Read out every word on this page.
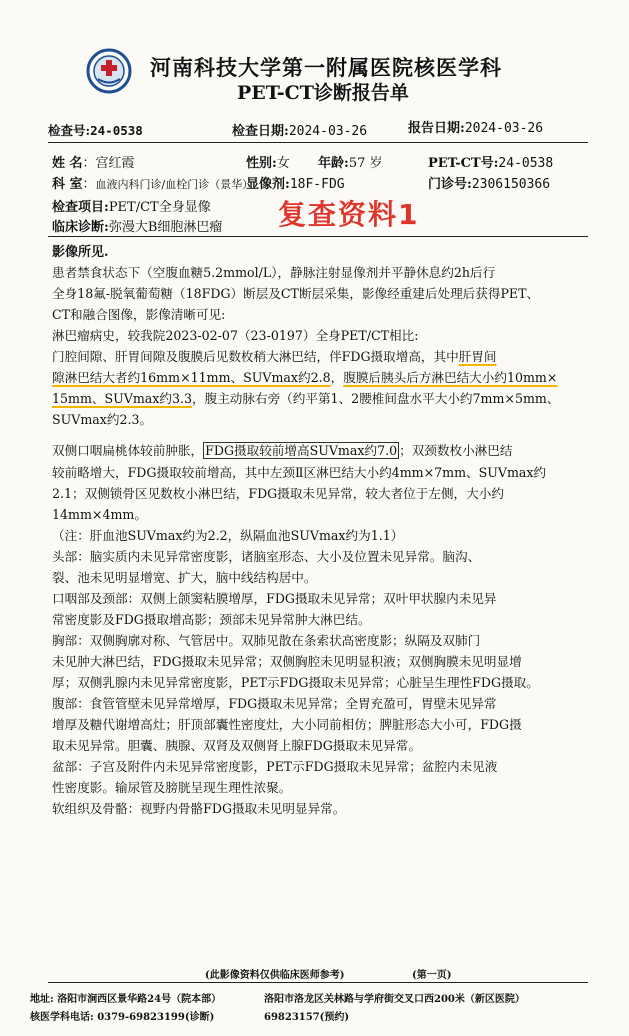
河南科技大学第一附属医院核医学科
PET-CT诊断报告单
检查号:24-0538	检查日期:2024-03-26	报告日期:2024-03-26
姓 名：宫红霞	性别:女 年龄:57 岁	PET-CT号:24-0538
科 室：血液内科门诊/血栓门诊（景华）
显像剂:18F-FDG	门诊号:2306150366
检查项目:PET/CT全身显像
临床诊断:弥漫大B细胞淋巴瘤 复查资料1
影像所见.
患者禁食状态下（空腹血糖5.2mmol/L），静脉注射显像剂并平静休息约2h后行
全身18氟-脱氧葡萄糖（18FDG）断层及CT断层采集，影像经重建后处理后获得PET、
CT和融合图像，影像清晰可见:
淋巴瘤病史，较我院2023-02-07（23-0197）全身PET/CT相比:
门腔间隙、肝胃间隙及腹膜后见数枚稍大淋巴结，伴FDG摄取增高，其中肝胃间
隙淋巴结大者约16mm×11mm、SUVmax约2.8，腹膜后胰头后方淋巴结大小约10mm×
15mm、SUVmax约3.3，腹主动脉右旁（约平第1、2腰椎间盘水平大小约7mm×5mm、
SUVmax约2.3。
双侧口咽扁桃体较前肿胀， FDG摄取较前增高SUVmax约7.0 ；双颈数枚小淋巴结
较前略增大，FDG摄取较前增高，其中左颈Ⅱ区淋巴结大小约4mm×7mm、SUVmax约
2.1；双侧锁骨区见数枚小淋巴结，FDG摄取未见异常，较大者位于左侧，大小约
14mm×4mm。
（注：肝血池SUVmax约为2.2，纵隔血池SUVmax约为1.1）
头部：脑实质内未见异常密度影，诸脑室形态、大小及位置未见异常。脑沟、
裂、池未见明显增宽、扩大，脑中线结构居中。
口咽部及颈部：双侧上颌窦粘膜增厚，FDG摄取未见异常；双叶甲状腺内未见异
常密度影及FDG摄取增高影；颈部未见异常肿大淋巴结。
胸部：双侧胸廓对称、气管居中。双肺见散在条索状高密度影；纵隔及双肺门
未见肿大淋巴结，FDG摄取未见异常；双侧胸腔未见明显积液；双侧胸膜未见明显增
厚；双侧乳腺内未见异常密度影，PET示FDG摄取未见异常；心脏呈生理性FDG摄取。
腹部：食管管壁未见异常增厚，FDG摄取未见异常；全胃充盈可，胃壁未见异常
增厚及糖代谢增高灶；肝顶部囊性密度灶，大小同前相仿；脾脏形态大小可，FDG摄
取未见异常。胆囊、胰腺、双肾及双侧肾上腺FDG摄取未见异常。
盆部：子宫及附件内未见异常密度影，PET示FDG摄取未见异常；盆腔内未见液
性密度影。输尿管及膀胱呈现生理性浓聚。
软组织及骨骼：视野内骨骼FDG摄取未见明显异常。
(此影像资料仅供临床医师参考)	(第一页)
地址: 洛阳市涧西区景华路24号（院本部）	洛阳市洛龙区关林路与学府街交叉口西200米（新区医院）
核医学科电话: 0379-69823199(诊断)	69823157(预约)
